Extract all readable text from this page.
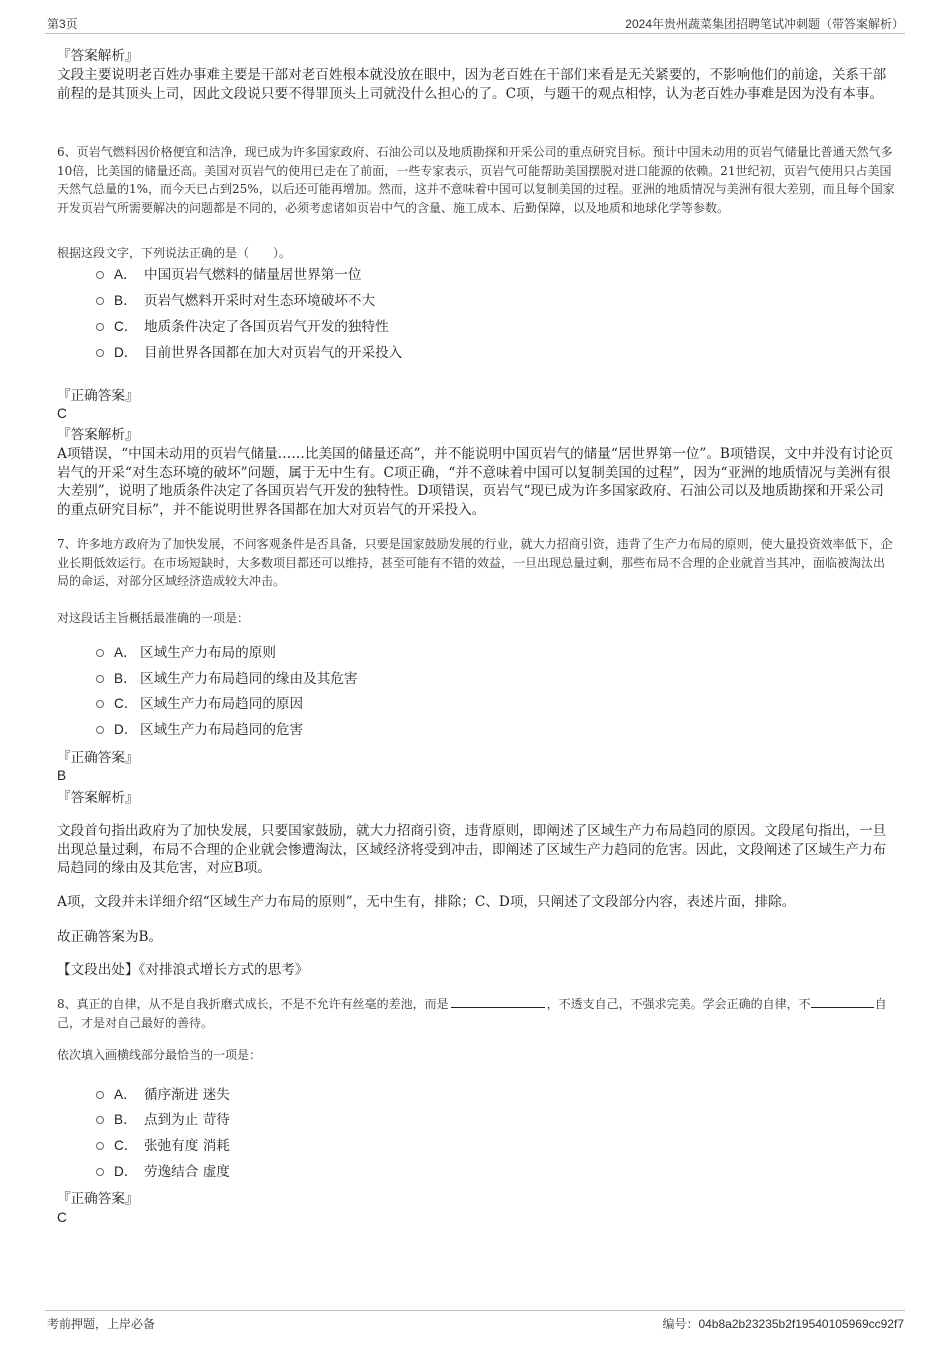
第3页	2024年贵州蔬菜集团招聘笔试冲刺题（带答案解析）
『答案解析』
文段主要说明老百姓办事难主要是干部对老百姓根本就没放在眼中，因为老百姓在干部们来看是无关紧要的，不影响他们的前途，关系干部前程的是其顶头上司，因此文段说只要不得罪顶头上司就没什么担心的了。C项，与题干的观点相悖，认为老百姓办事难是因为没有本事。
6、页岩气燃料因价格便宜和洁净，现已成为许多国家政府、石油公司以及地质勘探和开采公司的重点研究目标。预计中国未动用的页岩气储量比普通天然气多10倍，比美国的储量还高。美国对页岩气的使用已走在了前面，一些专家表示，页岩气可能帮助美国摆脱对进口能源的依赖。21世纪初，页岩气使用只占美国天然气总量的1%，而今天已占到25%，以后还可能再增加。然而，这并不意味着中国可以复制美国的过程。亚洲的地质情况与美洲有很大差别，而且每个国家开发页岩气所需要解决的问题都是不同的，必须考虑诸如页岩中气的含量、施工成本、后勤保障，以及地质和地球化学等参数。
根据这段文字，下列说法正确的是（　　）。
A． 中国页岩气燃料的储量居世界第一位
B． 页岩气燃料开采时对生态环境破坏不大
C． 地质条件决定了各国页岩气开发的独特性
D． 目前世界各国都在加大对页岩气的开采投入
『正确答案』
C
『答案解析』
A项错误，“中国未动用的页岩气储量……比美国的储量还高”，并不能说明中国页岩气的储量“居世界第一位”。B项错误，文中并没有讨论页岩气的开采“对生态环境的破坏”问题，属于无中生有。C项正确，“并不意味着中国可以复制美国的过程”，因为“亚洲的地质情况与美洲有很大差别”，说明了地质条件决定了各国页岩气开发的独特性。D项错误，页岩气“现已成为许多国家政府、石油公司以及地质勘探和开采公司的重点研究目标”，并不能说明世界各国都在加大对页岩气的开采投入。
7、许多地方政府为了加快发展，不问客观条件是否具备，只要是国家鼓励发展的行业，就大力招商引资，违背了生产力布局的原则，使大量投资效率低下，企业长期低效运行。在市场短缺时，大多数项目都还可以维持，甚至可能有不错的效益，一旦出现总量过剩，那些布局不合理的企业就首当其冲，面临被淘汰出局的命运，对部分区域经济造成较大冲击。
对这段话主旨概括最准确的一项是：
A． 区域生产力布局的原则
B． 区域生产力布局趋同的缘由及其危害
C． 区域生产力布局趋同的原因
D． 区域生产力布局趋同的危害
『正确答案』
B
『答案解析』
文段首句指出政府为了加快发展，只要国家鼓励，就大力招商引资，违背原则，即阐述了区域生产力布局趋同的原因。文段尾句指出，一旦出现总量过剩，布局不合理的企业就会惨遭淘汰，区域经济将受到冲击，即阐述了区域生产力趋同的危害。因此，文段阐述了区域生产力布局趋同的缘由及其危害，对应B项。
A项，文段并未详细介绍“区域生产力布局的原则”，无中生有，排除；C、D项，只阐述了文段部分内容，表述片面，排除。
故正确答案为B。
【文段出处】《对排浪式增长方式的思考》
8、真正的自律，从不是自我折磨式成长，不是不允许有丝毫的差池，而是	，不透支自己，不强求完美。学会正确的自律，不	自己，才是对自己最好的善待。
依次填入画横线部分最恰当的一项是：
A． 循序渐进 迷失
B． 点到为止 苛待
C． 张弛有度 消耗
D． 劳逸结合 虚度
『正确答案』
C
考前押题，上岸必备	编号：04b8a2b23235b2f19540105969cc92f7
